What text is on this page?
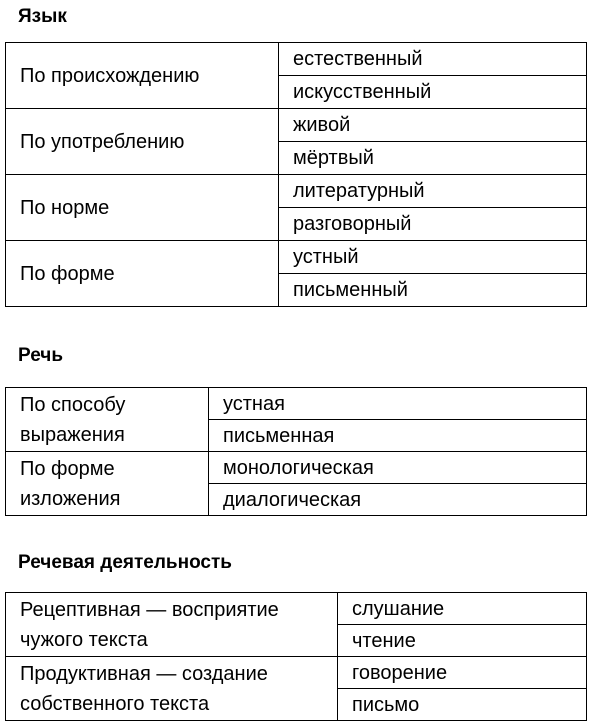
Язык
По происхождению	естественный
	искусственный
По употреблению	живой
	мёртвый
По норме	литературный
	разговорный
По форме	устный
	письменный
Речь
По способу выражения	устная
	письменная
По форме изложения	монологическая
	диалогическая
Речевая деятельность
Рецептивная — восприятие чужого текста	слушание
	чтение
Продуктивная — создание собственного текста	говорение
	письмо
